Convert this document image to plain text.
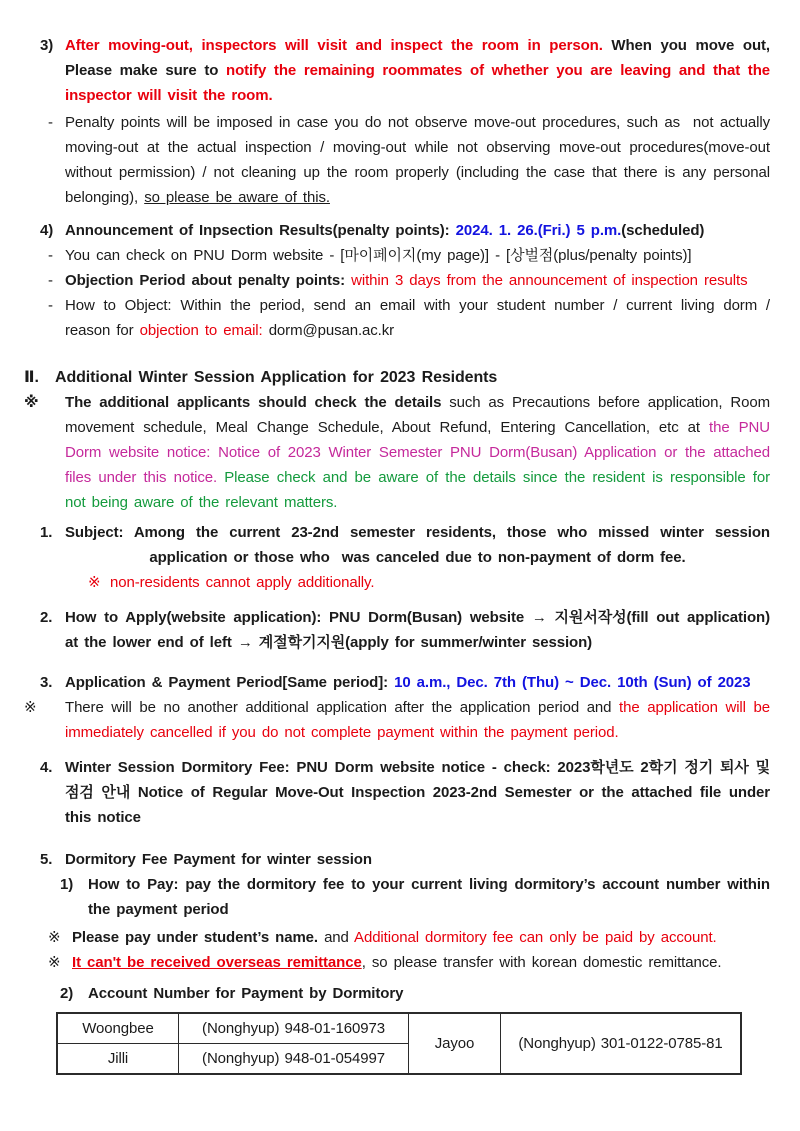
3) After moving-out, inspectors will visit and inspect the room in person. When you move out, Please make sure to notify the remaining roommates of whether you are leaving and that the inspector will visit the room.
- Penalty points will be imposed in case you do not observe move-out procedures, such as  not actually moving-out at the actual inspection / moving-out while not observing move-out procedures(move-out without permission) / not cleaning up the room properly (including the case that there is any personal belonging), so please be aware of this.
4) Announcement of Inpsection Results(penalty points): 2024. 1. 26.(Fri.) 5 p.m.(scheduled)
- You can check on PNU Dorm website - [마이페이지(my page)] - [상벌점(plus/penalty points)]
- Objection Period about penalty points: within 3 days from the announcement of inspection results
- How to Object: Within the period, send an email with your student number / current living dorm / reason for objection to email: dorm@pusan.ac.kr
Ⅱ.	Additional Winter Session Application for 2023 Residents
※	The additional applicants should check the details such as Precautions before application, Room movement schedule, Meal Change Schedule, About Refund, Entering Cancellation, etc at the PNU Dorm website notice: Notice of 2023 Winter Semester PNU Dorm(Busan) Application or the attached files under this notice. Please check and be aware of the details since the resident is responsible for not being aware of the relevant matters.
1. Subject: Among the current 23-2nd semester residents, those who missed winter session
application or those who  was canceled due to non-payment of dorm fee.
※ non-residents cannot apply additionally.
2. How to Apply(website application): PNU Dorm(Busan) website → 지원서작성(fill out application) at the lower end of left → 계절학기지원(apply for summer/winter session)
3. Application & Payment Period[Same period]: 10 a.m., Dec. 7th (Thu) ~ Dec. 10th (Sun) of 2023
※	There will be no another additional application after the application period and the application will be immediately cancelled if you do not complete payment within the payment period.
4. Winter Session Dormitory Fee: PNU Dorm website notice - check: 2023학년도 2학기 정기 퇴사 및 점검 안내 Notice of Regular Move-Out Inspection 2023-2nd Semester or the attached file under this notice
5. Dormitory Fee Payment for winter session
1) How to Pay: pay the dormitory fee to your current living dormitory’s account number within the payment period
※ Please pay under student’s name. and Additional dormitory fee can only be paid by account.
※ It can't be received overseas remittance, so please transfer with korean domestic remittance.
2) Account Number for Payment by Dormitory
Woongbee	(Nonghyup) 948-01-160973	Jayoo	(Nonghyup) 301-0122-0785-81
Jilli	(Nonghyup) 948-01-054997		
